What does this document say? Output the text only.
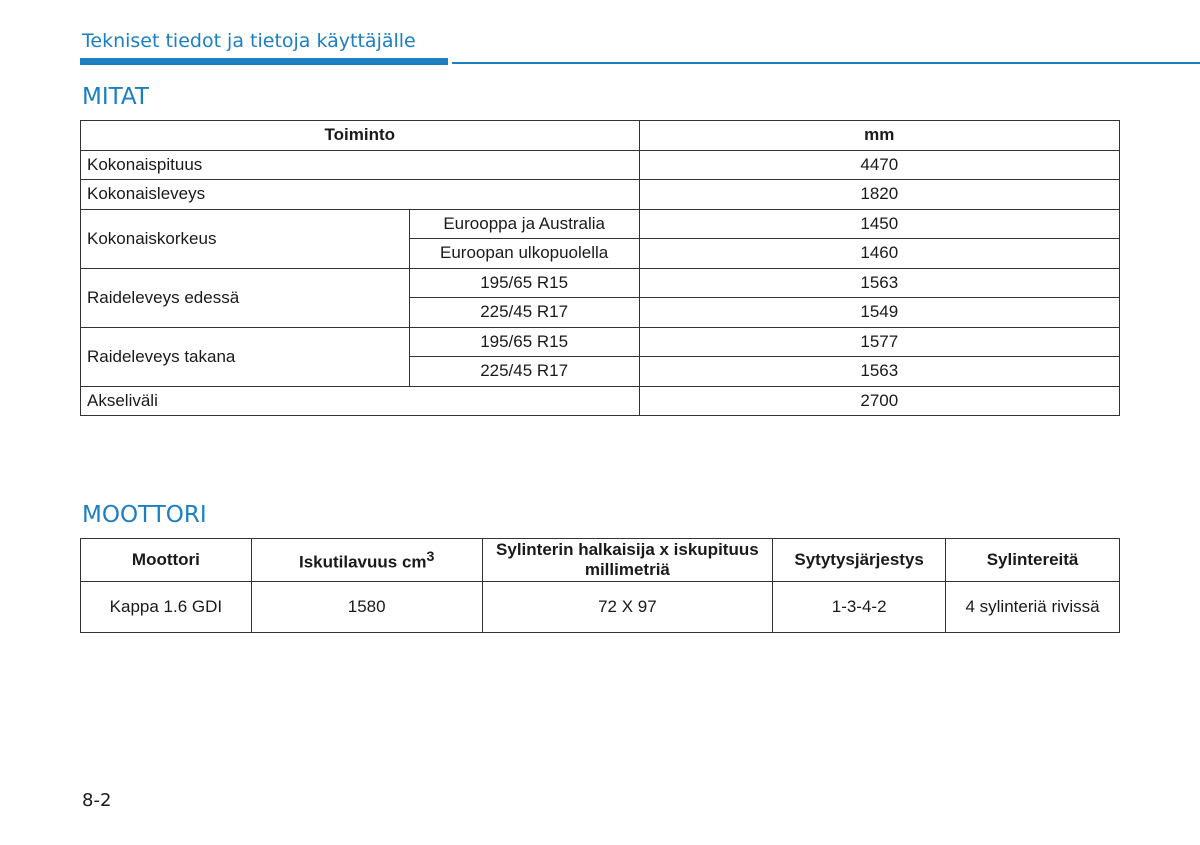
Tekniset tiedot ja tietoja käyttäjälle
MITAT
Toiminto		mm
Kokonaispituus		4470
Kokonaisleveys		1820
Kokonaiskorkeus	Eurooppa ja Australia	1450
	Euroopan ulkopuolella	1460
Raideleveys edessä	195/65 R15	1563
	225/45 R17	1549
Raideleveys takana	195/65 R15	1577
	225/45 R17	1563
Akseliväli		2700
MOOTTORI
Moottori	Iskutilavuus $cm^3$	Sylinterin halkaisija x iskupituus millimetriä	Sytytysjärjestys	Sylintereitä
Kappa 1.6 GDI	1580	72 X 97	1-3-4-2	4 sylinteriä rivissä
8-2
